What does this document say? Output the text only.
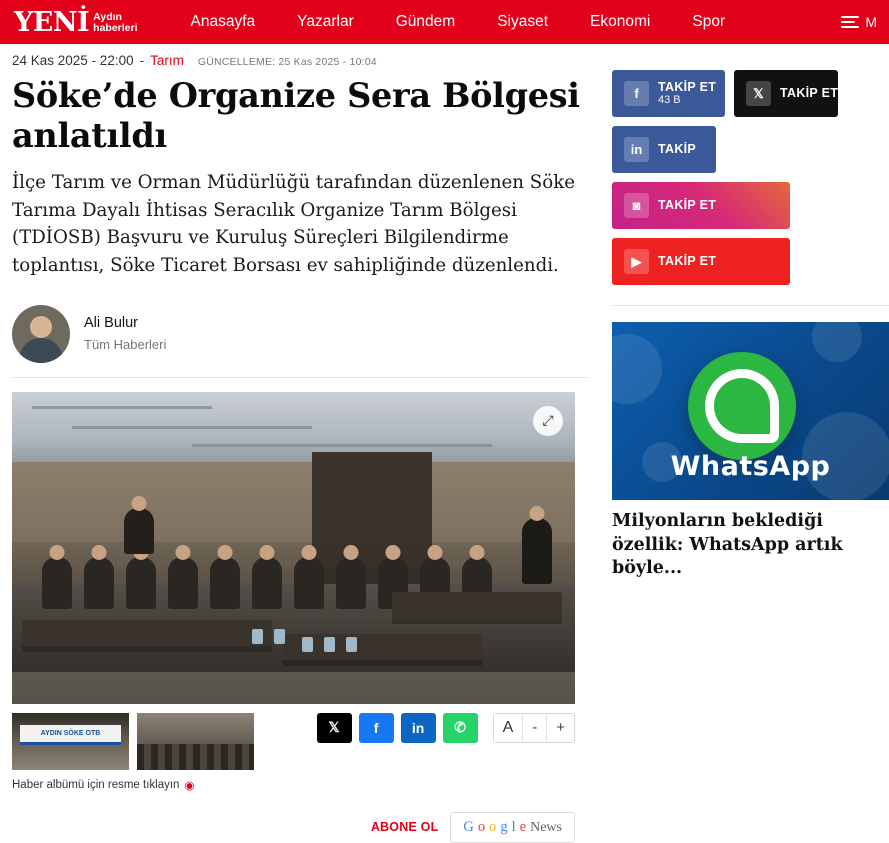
YENİ Aydın
haberleri	Anasayfa	Yazarlar	Gündem	Siyaset	Ekonomi	Spor	M
24 Kas 2025 - 22:00 - Tarım GÜNCELLEME: 25 Kas 2025 - 10:04
Söke’de Organize Sera Bölgesi anlatıldı

İlçe Tarım ve Orman Müdürlüğü tarafından düzenlenen Söke Tarıma Dayalı İhtisas Seracılık Organize Tarım Bölgesi (TDİOSB) Başvuru ve Kuruluş Süreçleri Bilgilendirme toplantısı, Söke Ticaret Borsası ev sahipliğinde düzenlendi.

Ali Bulur
Tüm Haberleri
⤢
AYDIN SÖKE OTB
Haber albümü için resme tıklayın ◉
𝕏	f	in	✆	A	-	+
ABONE OL G o o g l e News
f	TAKİP ET
43 B	𝕏	TAKİP ET
in	TAKİP
◙	TAKİP ET
▶	TAKİP ET
WhatsApp
Milyonların beklediği özellik: WhatsApp artık böyle...
